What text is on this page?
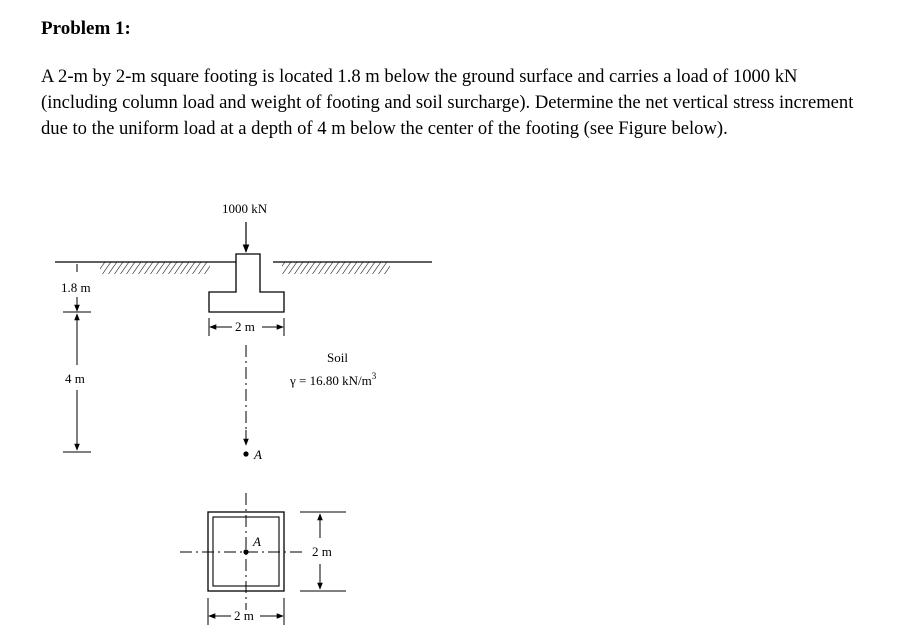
Problem 1:

A 2-m by 2-m square footing is located 1.8 m below the ground surface and carries a load of 1000 kN (including column load and weight of footing and soil surcharge). Determine the net vertical stress increment due to the uniform load at a depth of 4 m below the center of the footing (see Figure below).

1000 kN
1.8 m
4 m
2 m
A
Soil
γ = 16.80 $kN/m^3$
A
2 m
2 m
